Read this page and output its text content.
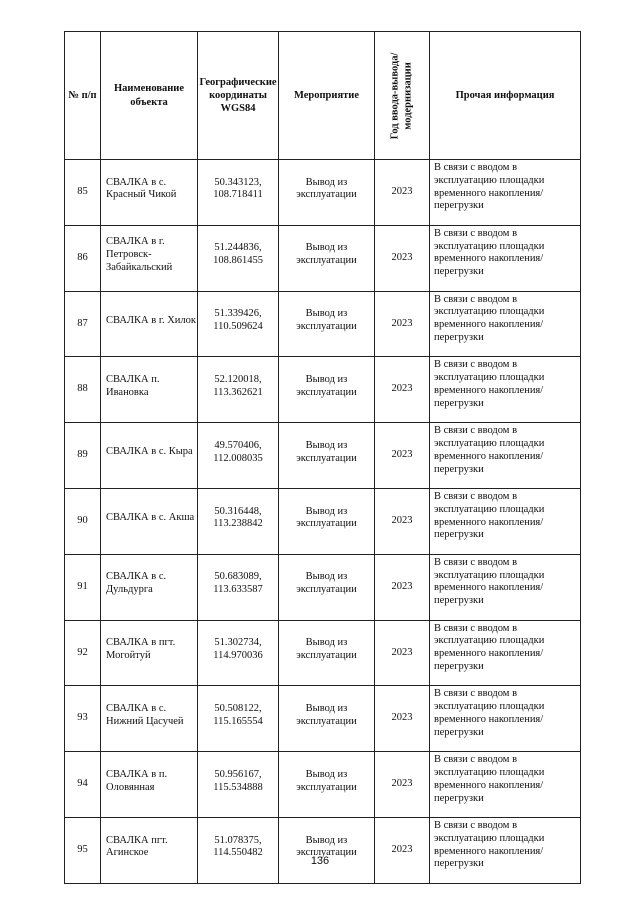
№ п/п	Наименование объекта	Географические координаты WGS84	Мероприятие	Год ввода-вывода/модернизации	Прочая информация
85	СВАЛКА в с. Красный Чикой	50.343123, 108.718411	Вывод из эксплуатации	2023	В связи с вводом в эксплуатацию площадки временного накопления/перегрузки
86	СВАЛКА в г. Петровск-Забайкальский	51.244836, 108.861455	Вывод из эксплуатации	2023	В связи с вводом в эксплуатацию площадки временного накопления/перегрузки
87	СВАЛКА в г. Хилок	51.339426, 110.509624	Вывод из эксплуатации	2023	В связи с вводом в эксплуатацию площадки временного накопления/перегрузки
88	СВАЛКА п. Ивановка	52.120018, 113.362621	Вывод из эксплуатации	2023	В связи с вводом в эксплуатацию площадки временного накопления/перегрузки
89	СВАЛКА в с. Кыра	49.570406, 112.008035	Вывод из эксплуатации	2023	В связи с вводом в эксплуатацию площадки временного накопления/перегрузки
90	СВАЛКА в с. Акша	50.316448, 113.238842	Вывод из эксплуатации	2023	В связи с вводом в эксплуатацию площадки временного накопления/перегрузки
91	СВАЛКА в с. Дульдурга	50.683089, 113.633587	Вывод из эксплуатации	2023	В связи с вводом в эксплуатацию площадки временного накопления/перегрузки
92	СВАЛКА в пгт. Могойтуй	51.302734, 114.970036	Вывод из эксплуатации	2023	В связи с вводом в эксплуатацию площадки временного накопления/перегрузки
93	СВАЛКА в с. Нижний Цасучей	50.508122, 115.165554	Вывод из эксплуатации	2023	В связи с вводом в эксплуатацию площадки временного накопления/перегрузки
94	СВАЛКА в п. Оловянная	50.956167, 115.534888	Вывод из эксплуатации	2023	В связи с вводом в эксплуатацию площадки временного накопления/перегрузки
95	СВАЛКА пгт. Агинское	51.078375, 114.550482	Вывод из эксплуатации	2023	В связи с вводом в эксплуатацию площадки временного накопления/перегрузки
136
